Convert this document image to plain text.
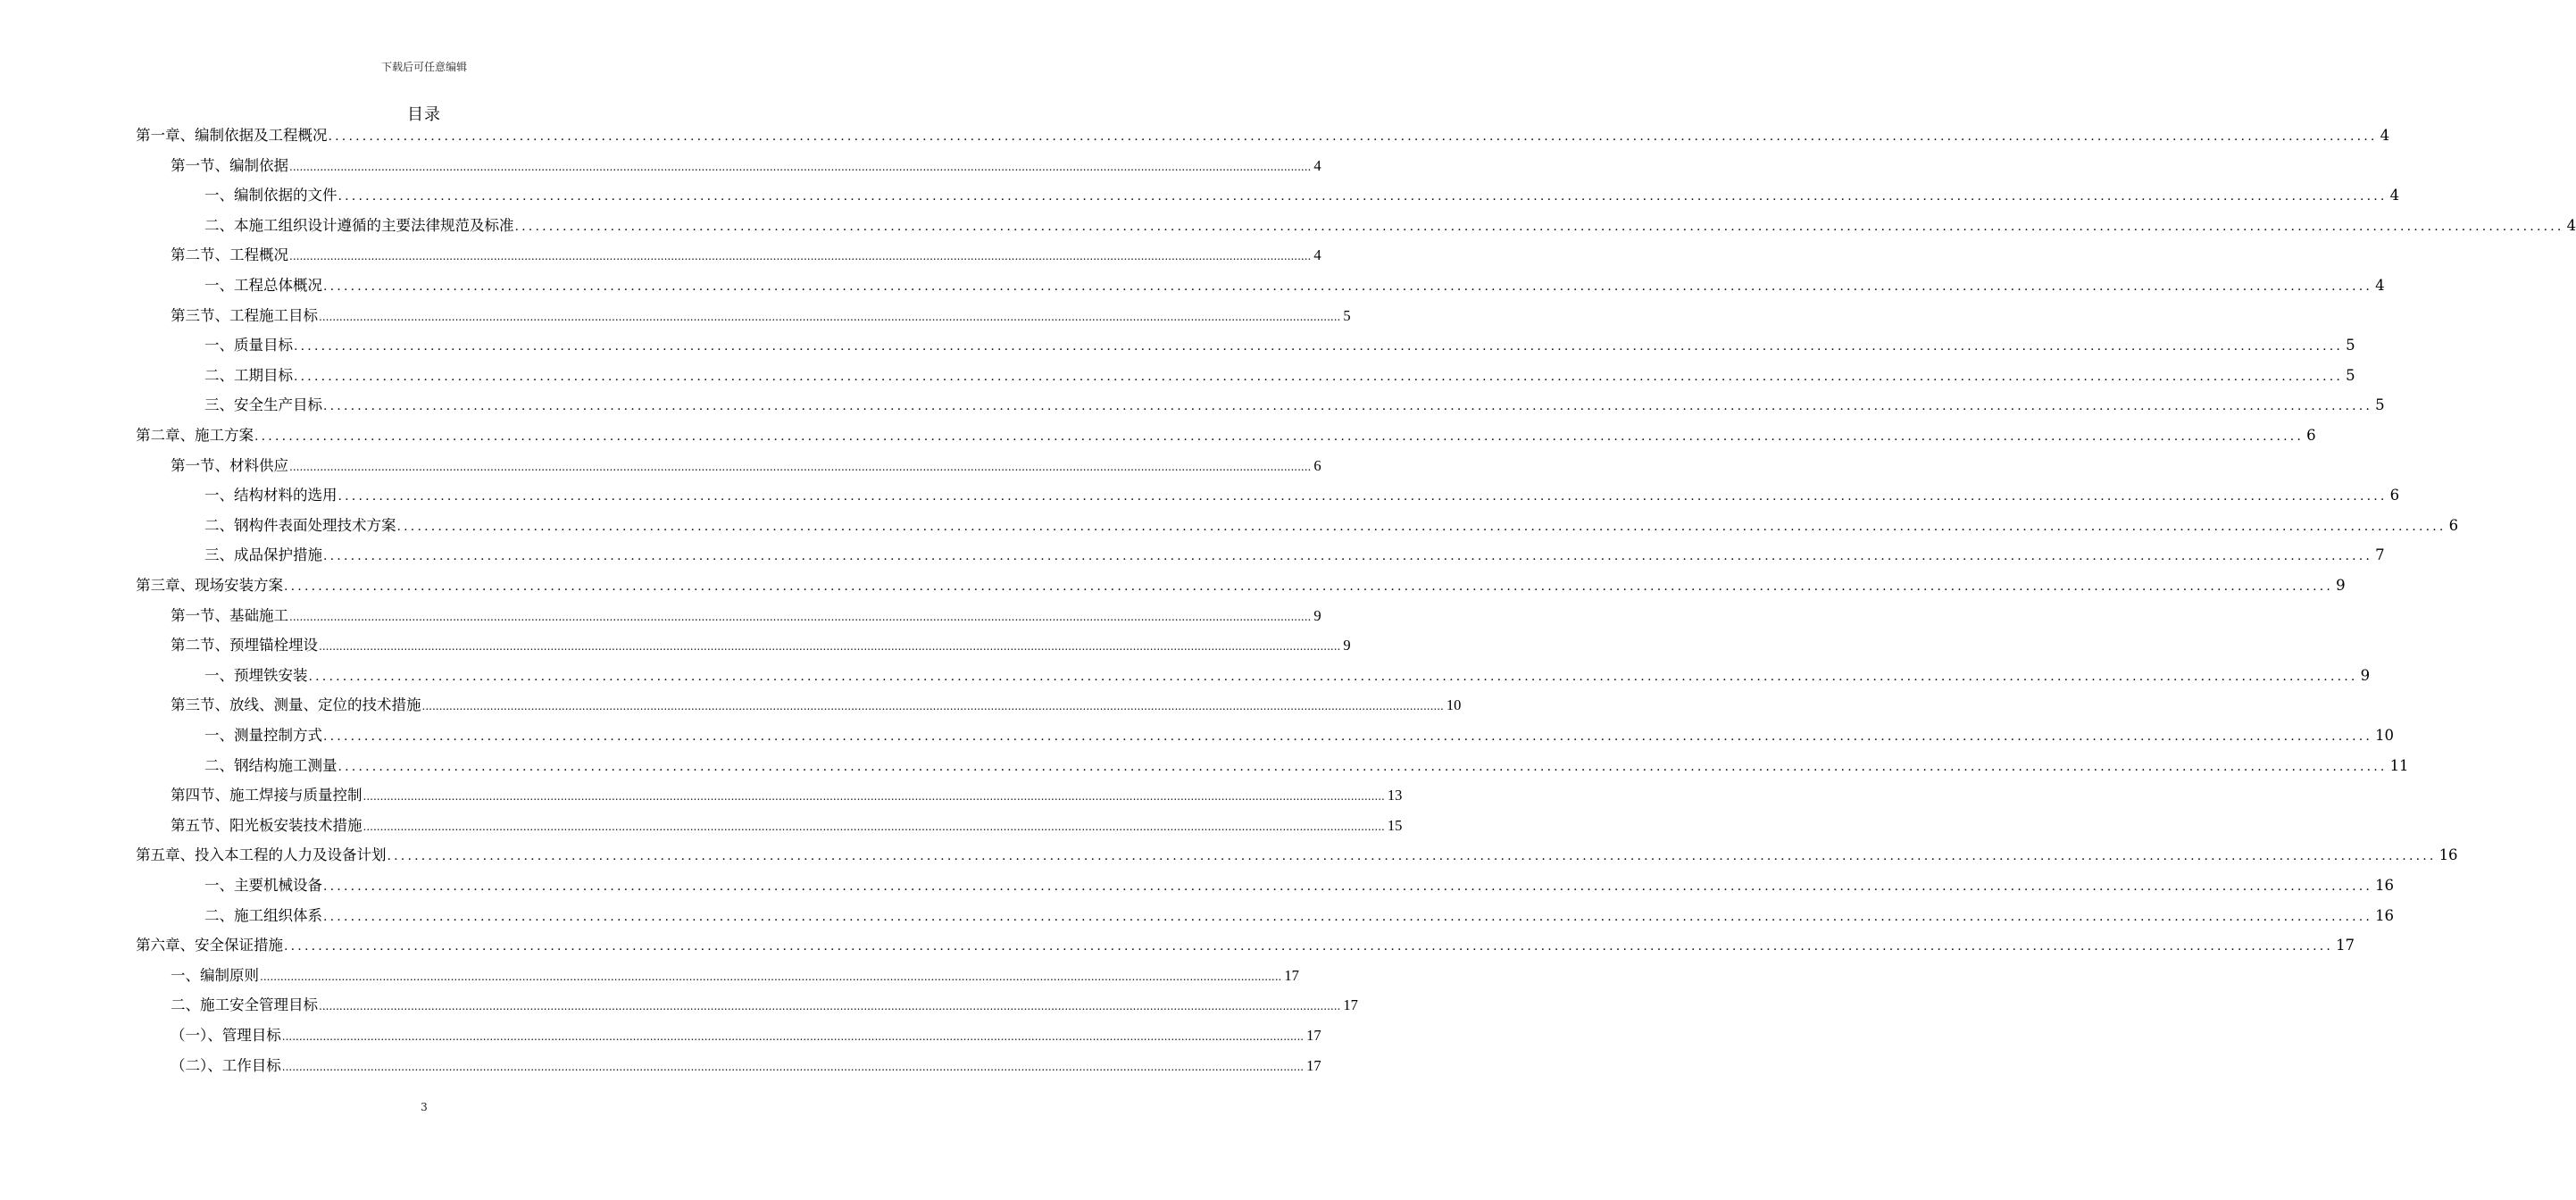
下载后可任意编辑
目录
第一章、编制依据及工程概况 ............................................................................................................................................................................................................................................................................................................ 4
第一节、编制依据 ............................................................................................................................................................................................................................................................................................................ 4
一、编制依据的文件 ............................................................................................................................................................................................................................................................................................................ 4
二、本施工组织设计遵循的主要法律规范及标准 ............................................................................................................................................................................................................................................................................................................ 4
第二节、工程概况 ............................................................................................................................................................................................................................................................................................................ 4
一、工程总体概况 ............................................................................................................................................................................................................................................................................................................ 4
第三节、工程施工目标 ............................................................................................................................................................................................................................................................................................................ 5
一、质量目标 ............................................................................................................................................................................................................................................................................................................ 5
二、工期目标 ............................................................................................................................................................................................................................................................................................................ 5
三、安全生产目标 ............................................................................................................................................................................................................................................................................................................ 5
第二章、施工方案 ............................................................................................................................................................................................................................................................................................................ 6
第一节、材料供应 ............................................................................................................................................................................................................................................................................................................ 6
一、结构材料的选用 ............................................................................................................................................................................................................................................................................................................ 6
二、钢构件表面处理技术方案 ............................................................................................................................................................................................................................................................................................................ 6
三、成品保护措施 ............................................................................................................................................................................................................................................................................................................ 7
第三章、现场安装方案 ............................................................................................................................................................................................................................................................................................................ 9
第一节、基础施工 ............................................................................................................................................................................................................................................................................................................ 9
第二节、预埋锚栓埋设 ............................................................................................................................................................................................................................................................................................................ 9
一、预埋铁安装 ............................................................................................................................................................................................................................................................................................................ 9
第三节、放线、测量、定位的技术措施 ............................................................................................................................................................................................................................................................................................................ 10
一、测量控制方式 ............................................................................................................................................................................................................................................................................................................ 10
二、钢结构施工测量 ............................................................................................................................................................................................................................................................................................................ 11
第四节、施工焊接与质量控制 ............................................................................................................................................................................................................................................................................................................ 13
第五节、阳光板安装技术措施 ............................................................................................................................................................................................................................................................................................................ 15
第五章、投入本工程的人力及设备计划 ............................................................................................................................................................................................................................................................................................................ 16
一、主要机械设备 ............................................................................................................................................................................................................................................................................................................ 16
二、施工组织体系 ............................................................................................................................................................................................................................................................................................................ 16
第六章、安全保证措施 ............................................................................................................................................................................................................................................................................................................ 17
一、编制原则 ............................................................................................................................................................................................................................................................................................................ 17
二、施工安全管理目标 ............................................................................................................................................................................................................................................................................................................ 17
（一）、管理目标 ............................................................................................................................................................................................................................................................................................................ 17
（二）、工作目标 ............................................................................................................................................................................................................................................................................................................ 17
3
